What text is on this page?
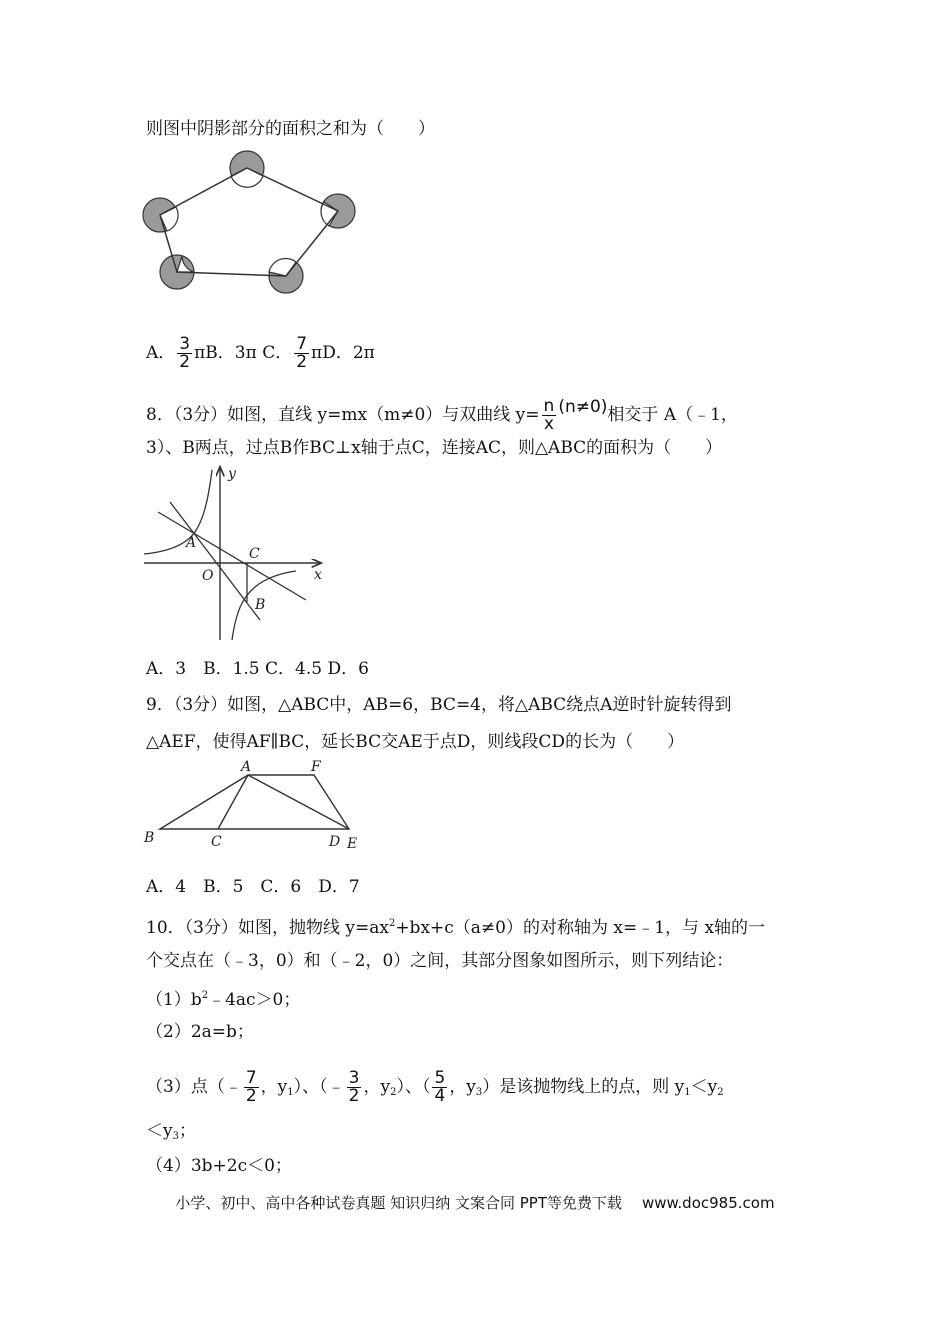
则图中阴影部分的面积之和为（　　）
A． $\frac{3}{2}$ πB．3π C． $\frac{7}{2}$ πD．2π
8．（3分）如图，直线 y=mx（m≠0）与双曲线 $y= \frac{n}{x} (n\ne 0)$相交于 A（﹣1，
3）、B两点，过点B作BC⊥x轴于点C，连接AC，则△ABC的面积为（　　）
y
x
A
C
O
B
A．3　B．1.5 C．4.5 D．6
9．（3分）如图，△ABC中，AB=6，BC=4，将△ABC绕点A逆时针旋转得到
△AEF，使得AF∥BC，延长BC交AE于点D，则线段CD的长为（　　）
A	F
B	C	D E
A．4　B．5　C．6　D．7
10．（3分）如图，抛物线 $y=ax^2+bx+c(a\ne 0)$的对称轴为 x=﹣1，与 x轴的一
个交点在（﹣3，0）和（﹣2，0）之间，其部分图象如图所示，则下列结论：
$(1)b^2﹣4ac>0$；
（2）2a=b；
（3）点（﹣ $\frac{7}{2}$ ，$y_1$）、（﹣ $\frac{3}{2}$ ，$y_2$）、（ $\frac{5}{4}$ ，$y_3$）是该抛物线上的点，则 $y_1<y_2$
$<y_3$；
（4）3b+2c＜0；
小学、初中、高中各种试卷真题 知识归纳 文案合同 PPT等免费下载 www.doc985.com
